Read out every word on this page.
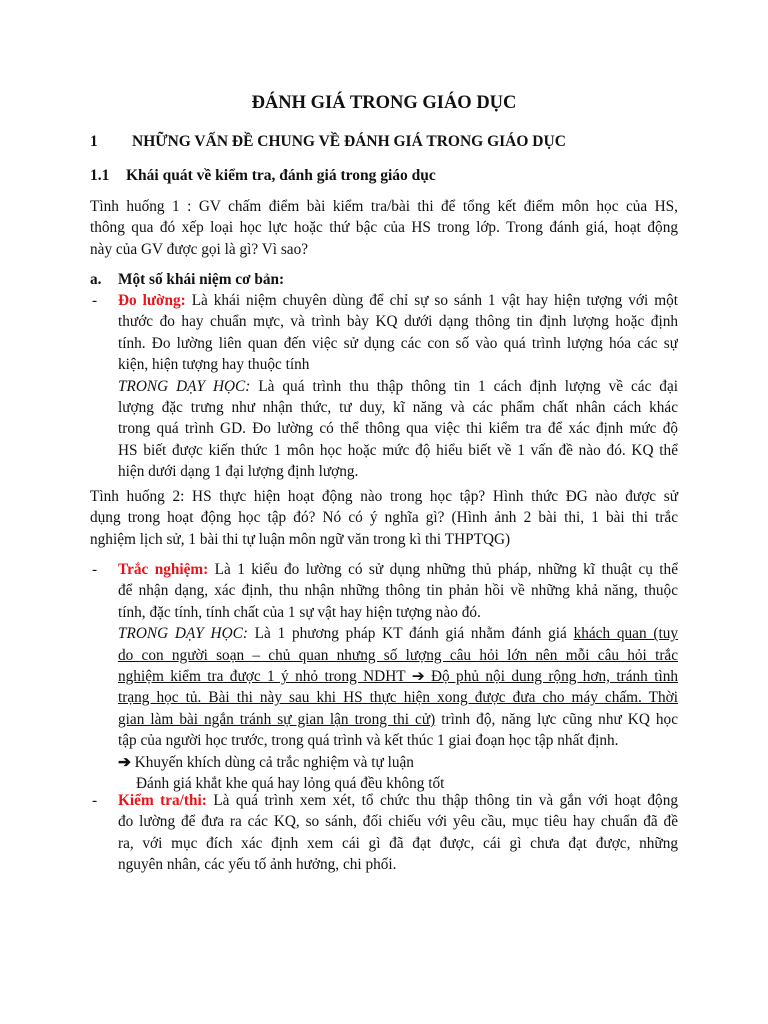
ĐÁNH GIÁ TRONG GIÁO DỤC
1 NHỮNG VẤN ĐỀ CHUNG VỀ ĐÁNH GIÁ TRONG GIÁO DỤC
1.1 Khái quát về kiểm tra, đánh giá trong giáo dục
Tình huống 1 : GV chấm điểm bài kiểm tra/bài thi để tổng kết điểm môn học của HS,
thông qua đó xếp loại học lực hoặc thứ bậc của HS trong lớp. Trong đánh giá, hoạt động
này của GV được gọi là gì? Vì sao?
a. Một số khái niệm cơ bản:
- Đo lường: Là khái niệm chuyên dùng để chỉ sự so sánh 1 vật hay hiện tượng với một
thước đo hay chuẩn mực, và trình bày KQ dưới dạng thông tin định lượng hoặc định
tính. Đo lường liên quan đến việc sử dụng các con số vào quá trình lượng hóa các sự
kiện, hiện tượng hay thuộc tính
TRONG DẠY HỌC: Là quá trình thu thập thông tin 1 cách định lượng về các đại
lượng đặc trưng như nhận thức, tư duy, kĩ năng và các phẩm chất nhân cách khác
trong quá trình GD. Đo lường có thể thông qua việc thi kiểm tra để xác định mức độ
HS biết được kiến thức 1 môn học hoặc mức độ hiểu biết về 1 vấn đề nào đó. KQ thể
hiện dưới dạng 1 đại lượng định lượng.
Tình huống 2: HS thực hiện hoạt động nào trong học tập? Hình thức ĐG nào được sử
dụng trong hoạt động học tập đó? Nó có ý nghĩa gì? (Hình ảnh 2 bài thi, 1 bài thi trắc
nghiệm lịch sử, 1 bài thi tự luận môn ngữ văn trong kì thi THPTQG)
- Trắc nghiệm: Là 1 kiểu đo lường có sử dụng những thủ pháp, những kĩ thuật cụ thể
để nhận dạng, xác định, thu nhận những thông tin phản hồi về những khả năng, thuộc
tính, đặc tính, tính chất của 1 sự vật hay hiện tượng nào đó.
TRONG DẠY HỌC: Là 1 phương pháp KT đánh giá nhằm đánh giá khách quan (tuy
do con người soạn – chủ quan nhưng số lượng câu hỏi lớn nên mỗi câu hỏi trắc
nghiệm kiểm tra được 1 ý nhỏ trong NDHT ➔ Độ phủ nội dung rộng hơn, tránh tình
trạng học tủ. Bài thi này sau khi HS thực hiện xong được đưa cho máy chấm. Thời
gian làm bài ngắn tránh sự gian lận trong thi cử) trình độ, năng lực cũng như KQ học
tập của người học trước, trong quá trình và kết thúc 1 giai đoạn học tập nhất định.
➔ Khuyến khích dùng cả trắc nghiệm và tự luận
Đánh giá khắt khe quá hay lỏng quá đều không tốt
- Kiểm tra/thi: Là quá trình xem xét, tổ chức thu thập thông tin và gắn với hoạt động
đo lường để đưa ra các KQ, so sánh, đối chiếu với yêu cầu, mục tiêu hay chuẩn đã đề
ra, với mục đích xác định xem cái gì đã đạt được, cái gì chưa đạt được, những
nguyên nhân, các yếu tố ảnh hưởng, chi phối.
